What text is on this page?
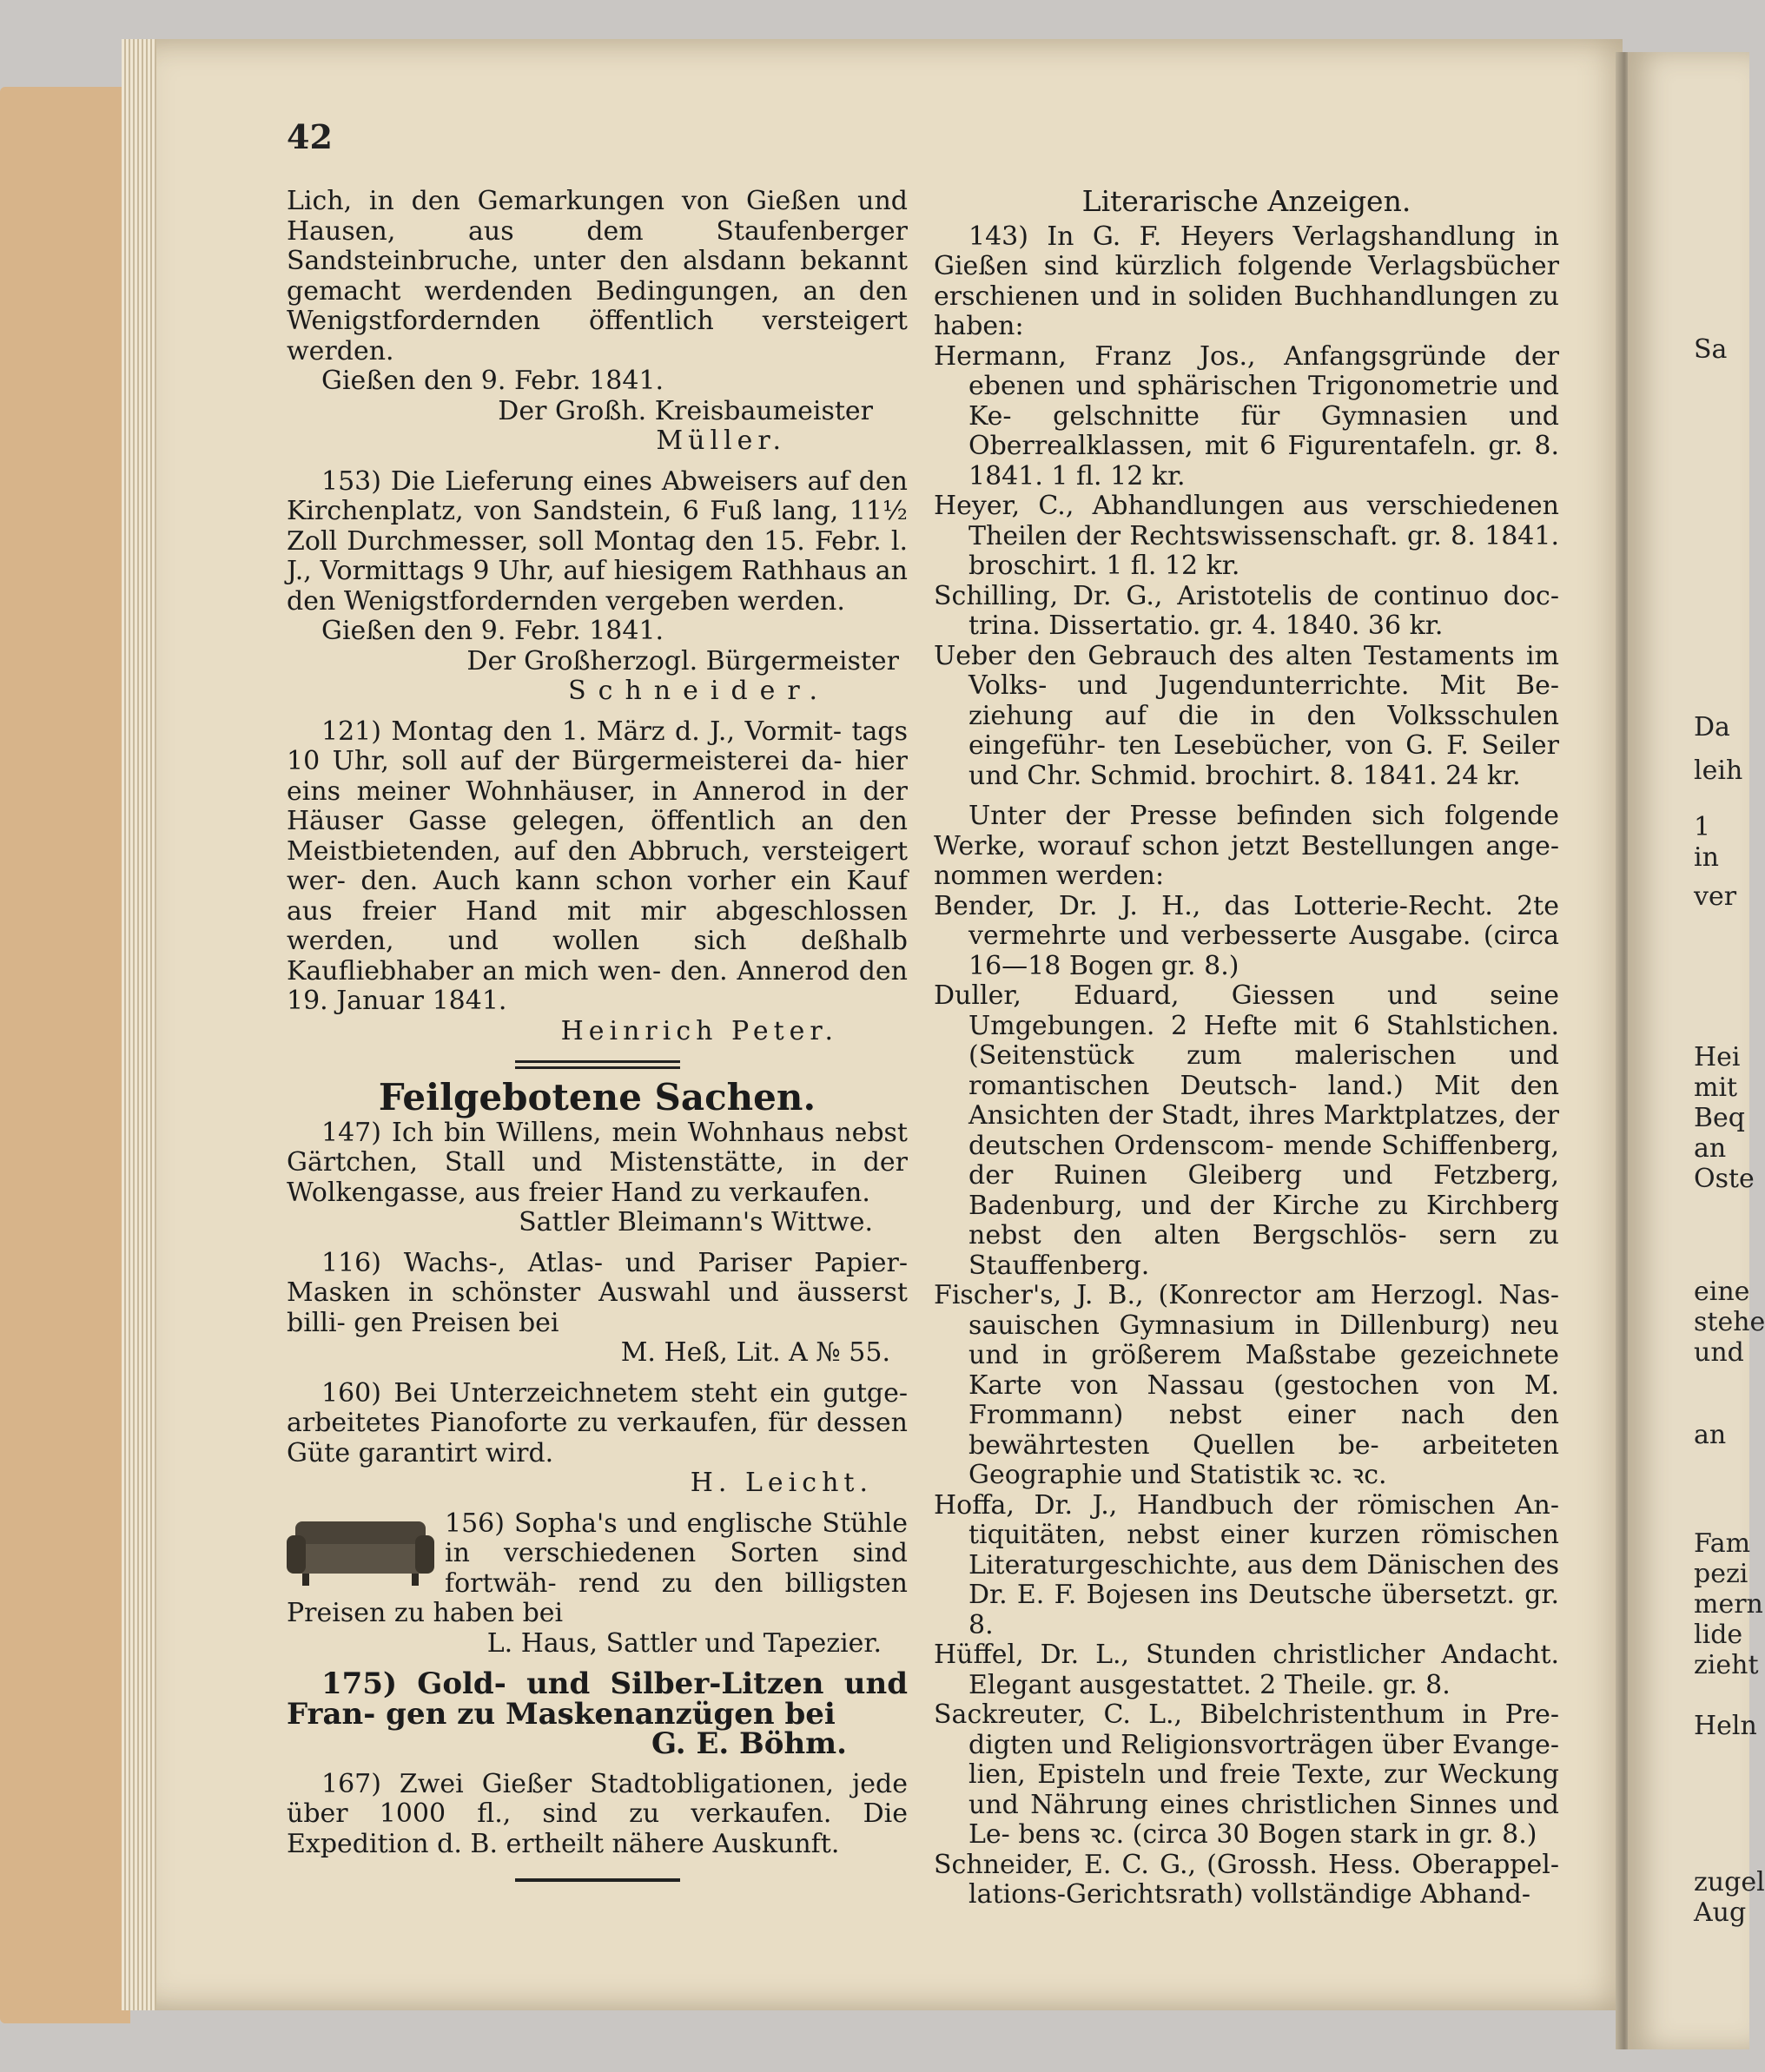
42

Lich, in den Gemarkungen von Gießen und Hausen, aus dem Staufenberger Sandsteinbruche, unter den alsdann bekannt gemacht werdenden Bedingungen, an den Wenigstfordernden öffentlich versteigert werden.

Gießen den 9. Febr. 1841.

Der Großh. Kreisbaumeister

Müller.

153) Die Lieferung eines Abweisers auf den Kirchenplatz, von Sandstein, 6 Fuß lang, 11½ Zoll Durchmesser, soll Montag den 15. Febr. l. J., Vormittags 9 Uhr, auf hiesigem Rathhaus an den Wenigstfordernden vergeben werden.

Gießen den 9. Febr. 1841.

Der Großherzogl. Bürgermeister

Schneider.

121) Montag den 1. März d. J., Vormit- tags 10 Uhr, soll auf der Bürgermeisterei da- hier eins meiner Wohnhäuser, in Annerod in der Häuser Gasse gelegen, öffentlich an den Meistbietenden, auf den Abbruch, versteigert wer- den. Auch kann schon vorher ein Kauf aus freier Hand mit mir abgeschlossen werden, und wollen sich deßhalb Kaufliebhaber an mich wen- den. Annerod den 19. Januar 1841.

Heinrich Peter.

Feilgebotene Sachen.

147) Ich bin Willens, mein Wohnhaus nebst Gärtchen, Stall und Mistenstätte, in der Wolkengasse, aus freier Hand zu verkaufen.

Sattler Bleimann's Wittwe.

116) Wachs-, Atlas- und Pariser Papier- Masken in schönster Auswahl und äusserst billi- gen Preisen bei

M. Heß, Lit. A № 55.

160) Bei Unterzeichnetem steht ein gutge- arbeitetes Pianoforte zu verkaufen, für dessen Güte garantirt wird.

H. Leicht.

156) Sopha's und englische Stühle in verschiedenen Sorten sind fortwäh- rend zu den billigsten Preisen zu haben bei

L. Haus, Sattler und Tapezier.

175) Gold- und Silber-Litzen und Fran- gen zu Maskenanzügen bei

G. E. Böhm.

167) Zwei Gießer Stadtobligationen, jede über 1000 fl., sind zu verkaufen. Die Expedition d. B. ertheilt nähere Auskunft.

Literarische Anzeigen.

143) In G. F. Heyers Verlagshandlung in Gießen sind kürzlich folgende Verlagsbücher erschienen und in soliden Buchhandlungen zu haben:

Hermann, Franz Jos., Anfangsgründe der ebenen und sphärischen Trigonometrie und Ke- gelschnitte für Gymnasien und Oberrealklassen, mit 6 Figurentafeln. gr. 8. 1841. 1 fl. 12 kr.

Heyer, C., Abhandlungen aus verschiedenen Theilen der Rechtswissenschaft. gr. 8. 1841. broschirt. 1 fl. 12 kr.

Schilling, Dr. G., Aristotelis de continuo doc- trina. Dissertatio. gr. 4. 1840. 36 kr.

Ueber den Gebrauch des alten Testaments im Volks- und Jugendunterrichte. Mit Be- ziehung auf die in den Volksschulen eingeführ- ten Lesebücher, von G. F. Seiler und Chr. Schmid. brochirt. 8. 1841. 24 kr.

Unter der Presse befinden sich folgende Werke, worauf schon jetzt Bestellungen ange- nommen werden:

Bender, Dr. J. H., das Lotterie-Recht. 2te vermehrte und verbesserte Ausgabe. (circa 16—18 Bogen gr. 8.)

Duller, Eduard, Giessen und seine Umgebungen. 2 Hefte mit 6 Stahlstichen. (Seitenstück zum malerischen und romantischen Deutsch- land.) Mit den Ansichten der Stadt, ihres Marktplatzes, der deutschen Ordenscom- mende Schiffenberg, der Ruinen Gleiberg und Fetzberg, Badenburg, und der Kirche zu Kirchberg nebst den alten Bergschlös- sern zu Stauffenberg.

Fischer's, J. B., (Konrector am Herzogl. Nas- sauischen Gymnasium in Dillenburg) neu und in größerem Maßstabe gezeichnete Karte von Nassau (gestochen von M. Frommann) nebst einer nach den bewährtesten Quellen be- arbeiteten Geographie und Statistik ꝛc. ꝛc.

Hoffa, Dr. J., Handbuch der römischen An- tiquitäten, nebst einer kurzen römischen Literaturgeschichte, aus dem Dänischen des Dr. E. F. Bojesen ins Deutsche übersetzt. gr. 8.

Hüffel, Dr. L., Stunden christlicher Andacht. Elegant ausgestattet. 2 Theile. gr. 8.

Sackreuter, C. L., Bibelchristenthum in Pre- digten und Religionsvorträgen über Evange- lien, Episteln und freie Texte, zur Weckung und Nährung eines christlichen Sinnes und Le- bens ꝛc. (circa 30 Bogen stark in gr. 8.)

Schneider, E. C. G., (Grossh. Hess. Oberappel- lations-Gerichtsrath) vollständige Abhand-

Sa
Da
leih
1
in
ver
Hei
mit
Beq
an
Oste
eine
stehe
und
an
Fam
pezi
mern
lide
zieht
Heln
zugel
Aug
